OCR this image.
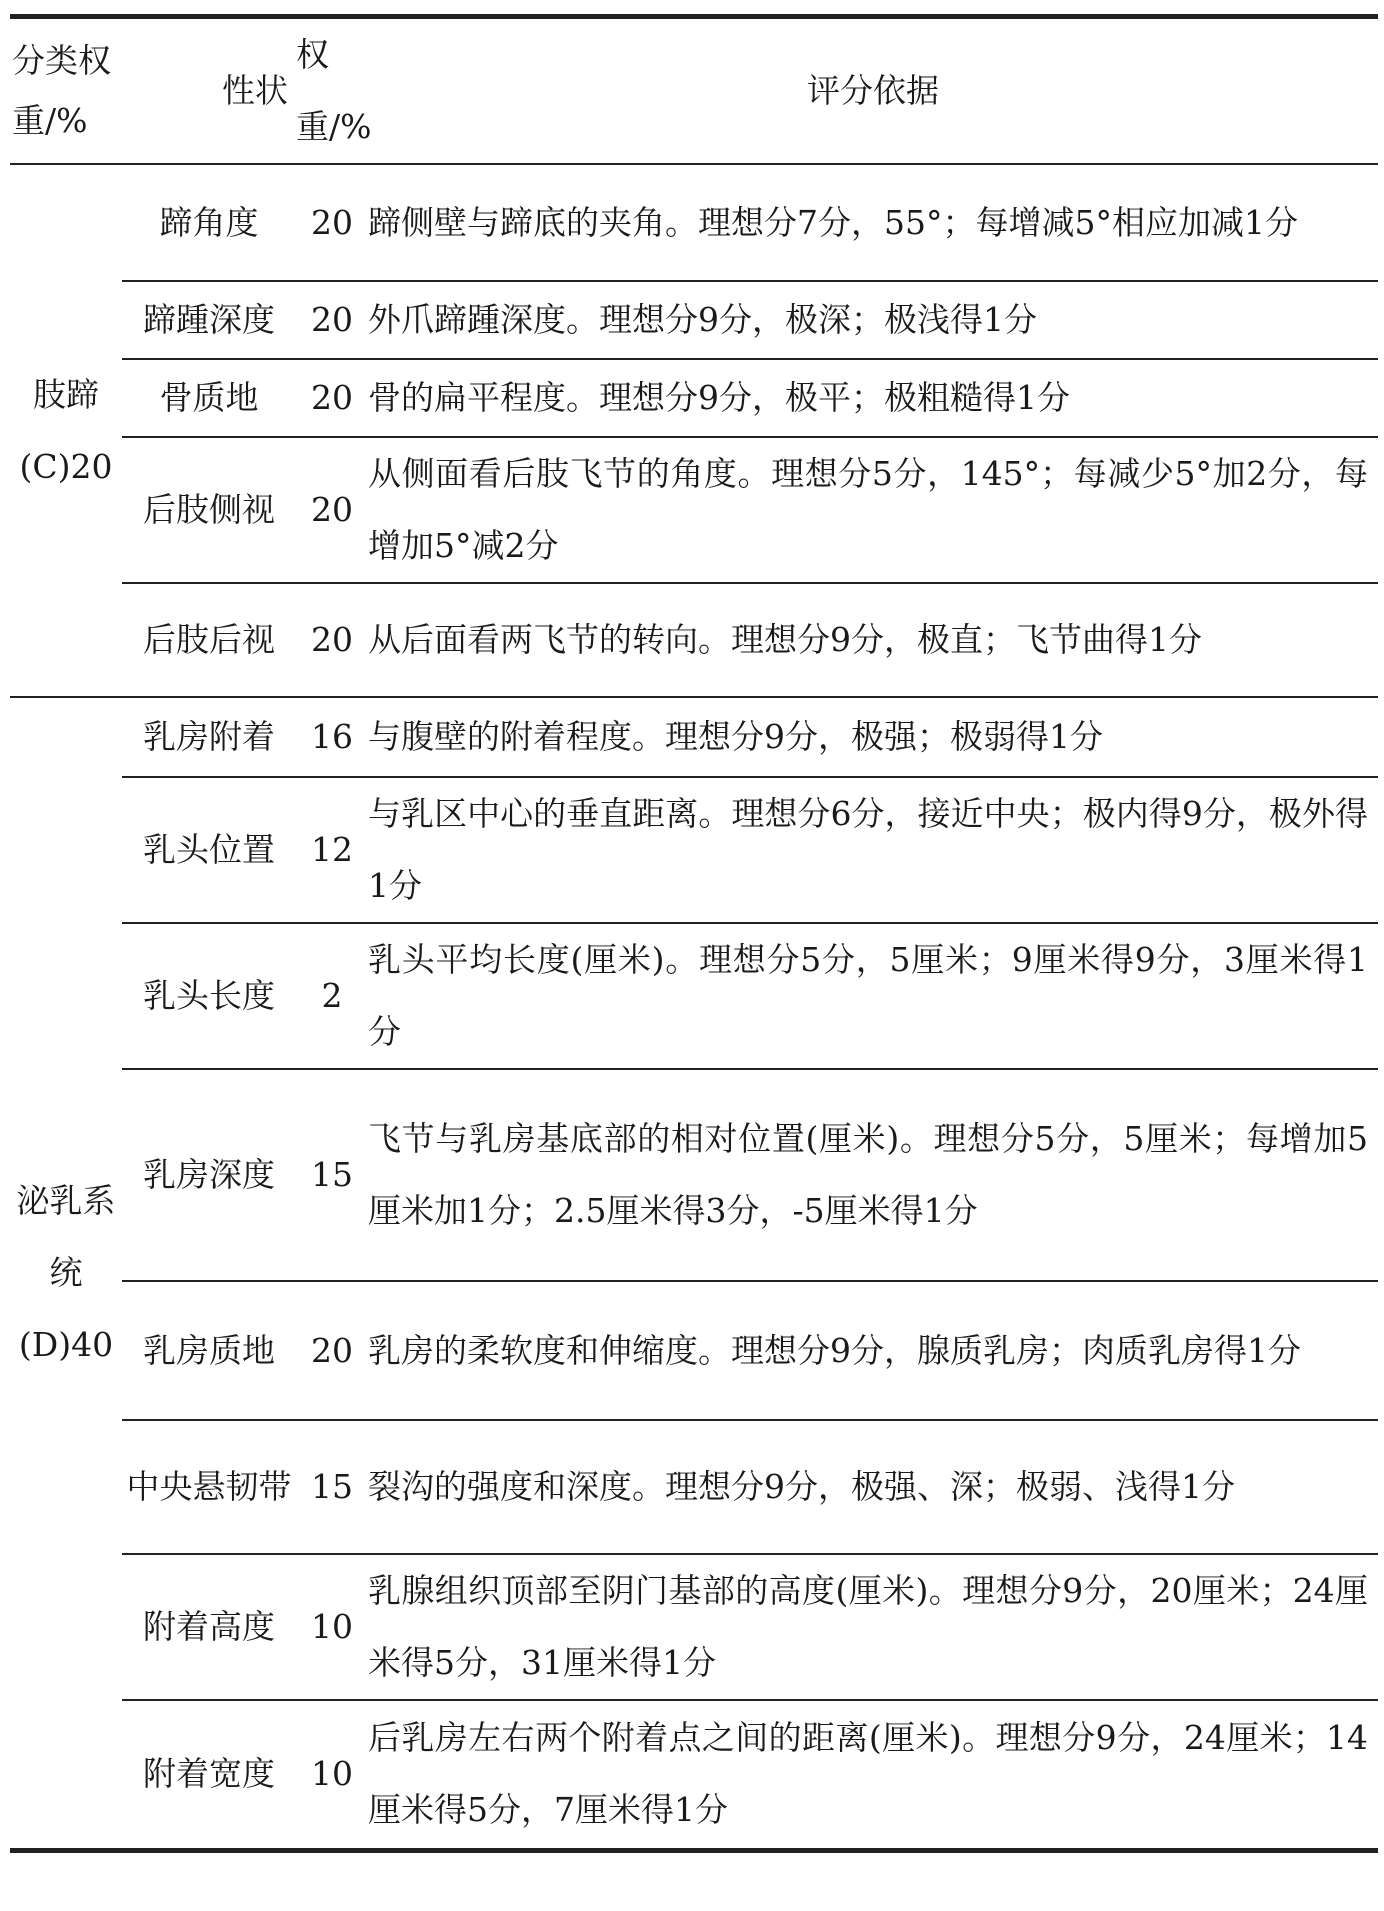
分类权重/%	性状	权重/%	评分依据
肢蹄(C)20	蹄角度	20	蹄侧壁与蹄底的夹角。理想分7分，55°；每增减5°相应加减1分
	蹄踵深度	20	外爪蹄踵深度。理想分9分，极深；极浅得1分
	骨质地	20	骨的扁平程度。理想分9分，极平；极粗糙得1分
	后肢侧视	20	从侧面看后肢飞节的角度。理想分5分，145°；每减少5°加2分，每增加5°减2分
	后肢后视	20	从后面看两飞节的转向。理想分9分，极直；飞节曲得1分
泌乳系统(D)40	乳房附着	16	与腹壁的附着程度。理想分9分，极强；极弱得1分
	乳头位置	12	与乳区中心的垂直距离。理想分6分，接近中央；极内得9分，极外得1分
	乳头长度	2	乳头平均长度(厘米)。理想分5分，5厘米；9厘米得9分，3厘米得1分
	乳房深度	15	飞节与乳房基底部的相对位置(厘米)。理想分5分，5厘米；每增加5厘米加1分；2.5厘米得3分，-5厘米得1分
	乳房质地	20	乳房的柔软度和伸缩度。理想分9分，腺质乳房；肉质乳房得1分
	中央悬韧带	15	裂沟的强度和深度。理想分9分，极强、深；极弱、浅得1分
	附着高度	10	乳腺组织顶部至阴门基部的高度(厘米)。理想分9分，20厘米；24厘米得5分，31厘米得1分
	附着宽度	10	后乳房左右两个附着点之间的距离(厘米)。理想分9分，24厘米；14厘米得5分，7厘米得1分
